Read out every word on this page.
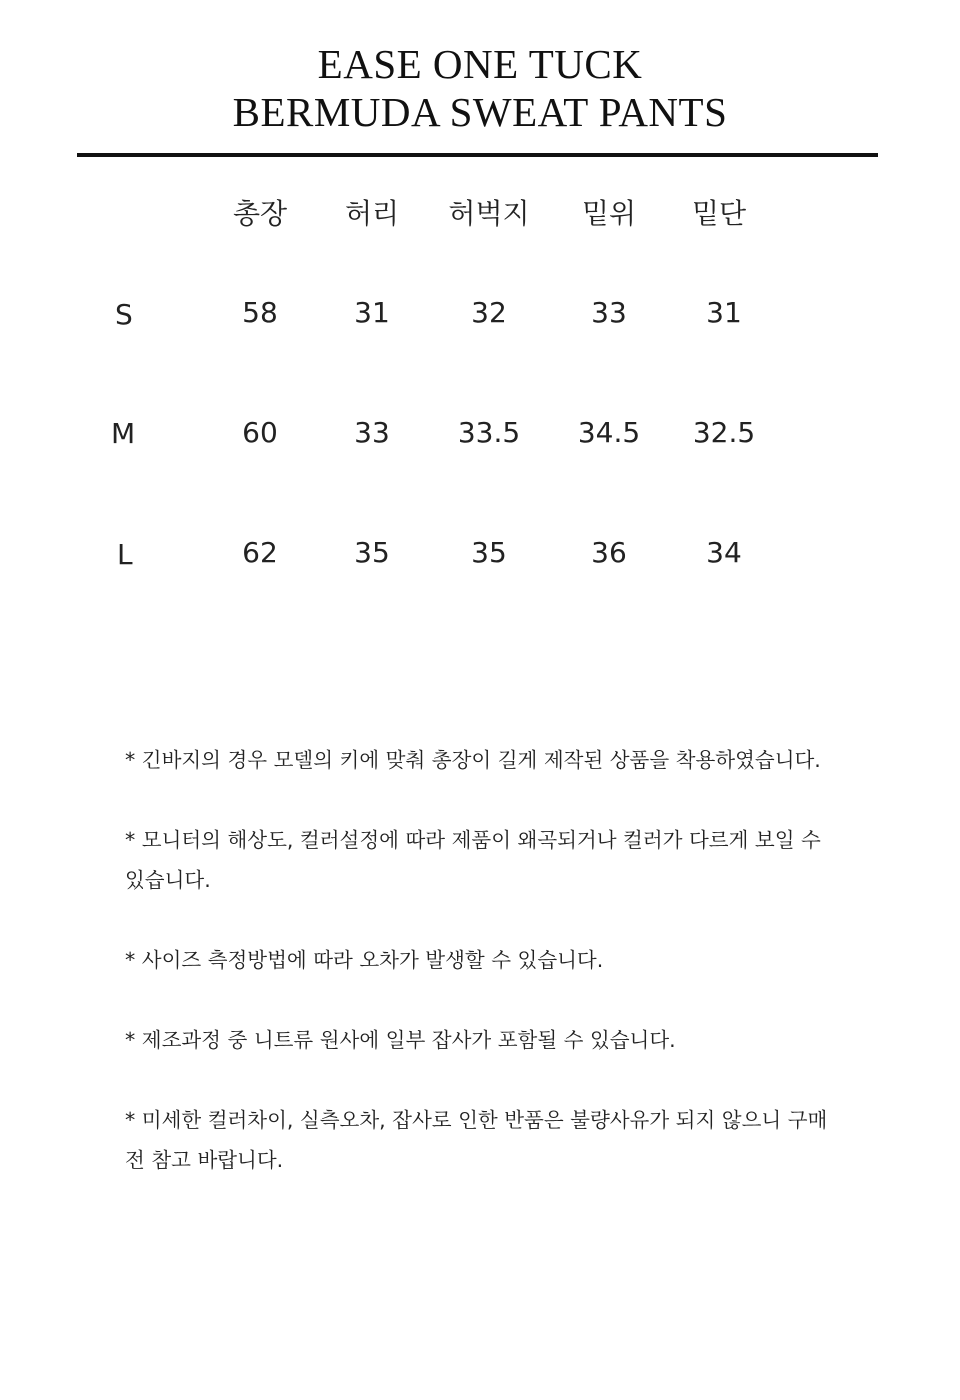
EASE ONE TUCK
BERMUDA SWEAT PANTS
총장 허리 허벅지 밑위 밑단
S	58	31	32	33	31
M	60	33 33.5 34.5 32.5
L	62	35	35	36	34
* 긴바지의 경우 모델의 키에 맞춰 총장이 길게 제작된 상품을 착용하였습니다.
* 모니터의 해상도, 컬러설정에 따라 제품이 왜곡되거나 컬러가 다르게 보일 수 있습니다.
* 사이즈 측정방법에 따라 오차가 발생할 수 있습니다.
* 제조과정 중 니트류 원사에 일부 잡사가 포함될 수 있습니다.
* 미세한 컬러차이, 실측오차, 잡사로 인한 반품은 불량사유가 되지 않으니 구매 전 참고 바랍니다.
